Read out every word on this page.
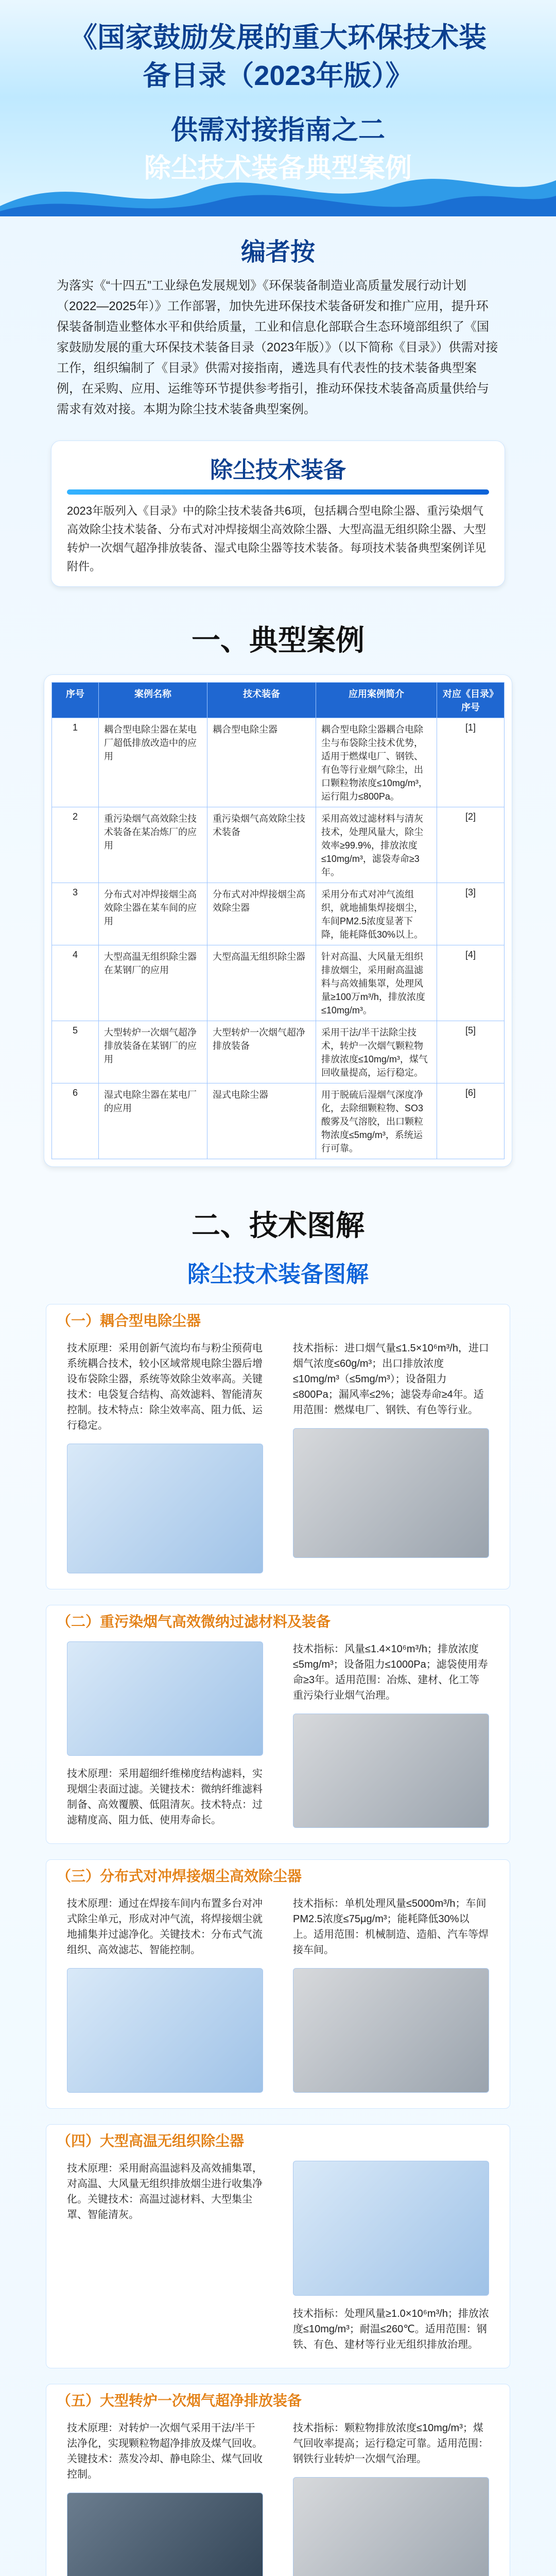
《国家鼓励发展的重大环保技术装
备目录（2023年版）》
供需对接指南之二
除尘技术装备典型案例
编者按
为落实《“十四五”工业绿色发展规划》《环保装备制造业高质量发展行动计划（2022—2025年）》工作部署，加快先进环保技术装备研发和推广应用，提升环保装备制造业整体水平和供给质量，工业和信息化部联合生态环境部组织了《国家鼓励发展的重大环保技术装备目录（2023年版）》（以下简称《目录》）供需对接工作，组织编制了《目录》供需对接指南，遴选具有代表性的技术装备典型案例，在采购、应用、运维等环节提供参考指引，推动环保技术装备高质量供给与需求有效对接。本期为除尘技术装备典型案例。
除尘技术装备
2023年版列入《目录》中的除尘技术装备共6项，包括耦合型电除尘器、重污染烟气高效除尘技术装备、分布式对冲焊接烟尘高效除尘器、大型高温无组织除尘器、大型转炉一次烟气超净排放装备、湿式电除尘器等技术装备。每项技术装备典型案例详见附件。
一、典型案例
序号	案例名称	技术装备	应用案例简介	对应《目录》序号
1	耦合型电除尘器在某电厂超低排放改造中的应用	耦合型电除尘器	耦合型电除尘器耦合电除尘与布袋除尘技术优势，适用于燃煤电厂、钢铁、有色等行业烟气除尘，出口颗粒物浓度≤10mg/m³，运行阻力≤800Pa。	[1]
2	重污染烟气高效除尘技术装备在某冶炼厂的应用	重污染烟气高效除尘技术装备	采用高效过滤材料与清灰技术，处理风量大，除尘效率≥99.9%，排放浓度≤10mg/m³，滤袋寿命≥3年。	[2]
3	分布式对冲焊接烟尘高效除尘器在某车间的应用	分布式对冲焊接烟尘高效除尘器	采用分布式对冲气流组织，就地捕集焊接烟尘，车间PM2.5浓度显著下降，能耗降低30%以上。	[3]
4	大型高温无组织除尘器在某钢厂的应用	大型高温无组织除尘器	针对高温、大风量无组织排放烟尘，采用耐高温滤料与高效捕集罩，处理风量≥100万m³/h，排放浓度≤10mg/m³。	[4]
5	大型转炉一次烟气超净排放装备在某钢厂的应用	大型转炉一次烟气超净排放装备	采用干法/半干法除尘技术，转炉一次烟气颗粒物排放浓度≤10mg/m³，煤气回收量提高，运行稳定。	[5]
6	湿式电除尘器在某电厂的应用	湿式电除尘器	用于脱硫后湿烟气深度净化，去除细颗粒物、SO3酸雾及气溶胶，出口颗粒物浓度≤5mg/m³，系统运行可靠。	[6]
二、技术图解
除尘技术装备图解
（一）耦合型电除尘器
技术原理：采用创新气流均布与粉尘预荷电系统耦合技术，较小区域常规电除尘器后增设布袋除尘器，系统等效除尘效率高。关键技术：电袋复合结构、高效滤料、智能清灰控制。技术特点：除尘效率高、阻力低、运行稳定。
技术指标：进口烟气量≤1.5×10⁶m³/h，进口烟气浓度≤60g/m³；出口排放浓度≤10mg/m³（≤5mg/m³）；设备阻力≤800Pa；漏风率≤2%；滤袋寿命≥4年。适用范围：燃煤电厂、钢铁、有色等行业。
（二）重污染烟气高效微纳过滤材料及装备
技术原理：采用超细纤维梯度结构滤料，实现烟尘表面过滤。关键技术：微纳纤维滤料制备、高效覆膜、低阻清灰。技术特点：过滤精度高、阻力低、使用寿命长。
技术指标：风量≤1.4×10⁶m³/h；排放浓度≤5mg/m³；设备阻力≤1000Pa；滤袋使用寿命≥3年。适用范围：冶炼、建材、化工等重污染行业烟气治理。
（三）分布式对冲焊接烟尘高效除尘器
技术原理：通过在焊接车间内布置多台对冲式除尘单元，形成对冲气流，将焊接烟尘就地捕集并过滤净化。关键技术：分布式气流组织、高效滤芯、智能控制。
技术指标：单机处理风量≤5000m³/h；车间PM2.5浓度≤75μg/m³；能耗降低30%以上。适用范围：机械制造、造船、汽车等焊接车间。
（四）大型高温无组织除尘器
技术原理：采用耐高温滤料及高效捕集罩，对高温、大风量无组织排放烟尘进行收集净化。关键技术：高温过滤材料、大型集尘罩、智能清灰。
技术指标：处理风量≥1.0×10⁶m³/h；排放浓度≤10mg/m³；耐温≤260℃。适用范围：钢铁、有色、建材等行业无组织排放治理。
（五）大型转炉一次烟气超净排放装备
技术原理：对转炉一次烟气采用干法/半干法净化，实现颗粒物超净排放及煤气回收。关键技术：蒸发冷却、静电除尘、煤气回收控制。
技术指标：颗粒物排放浓度≤10mg/m³；煤气回收率提高；运行稳定可靠。适用范围：钢铁行业转炉一次烟气治理。
